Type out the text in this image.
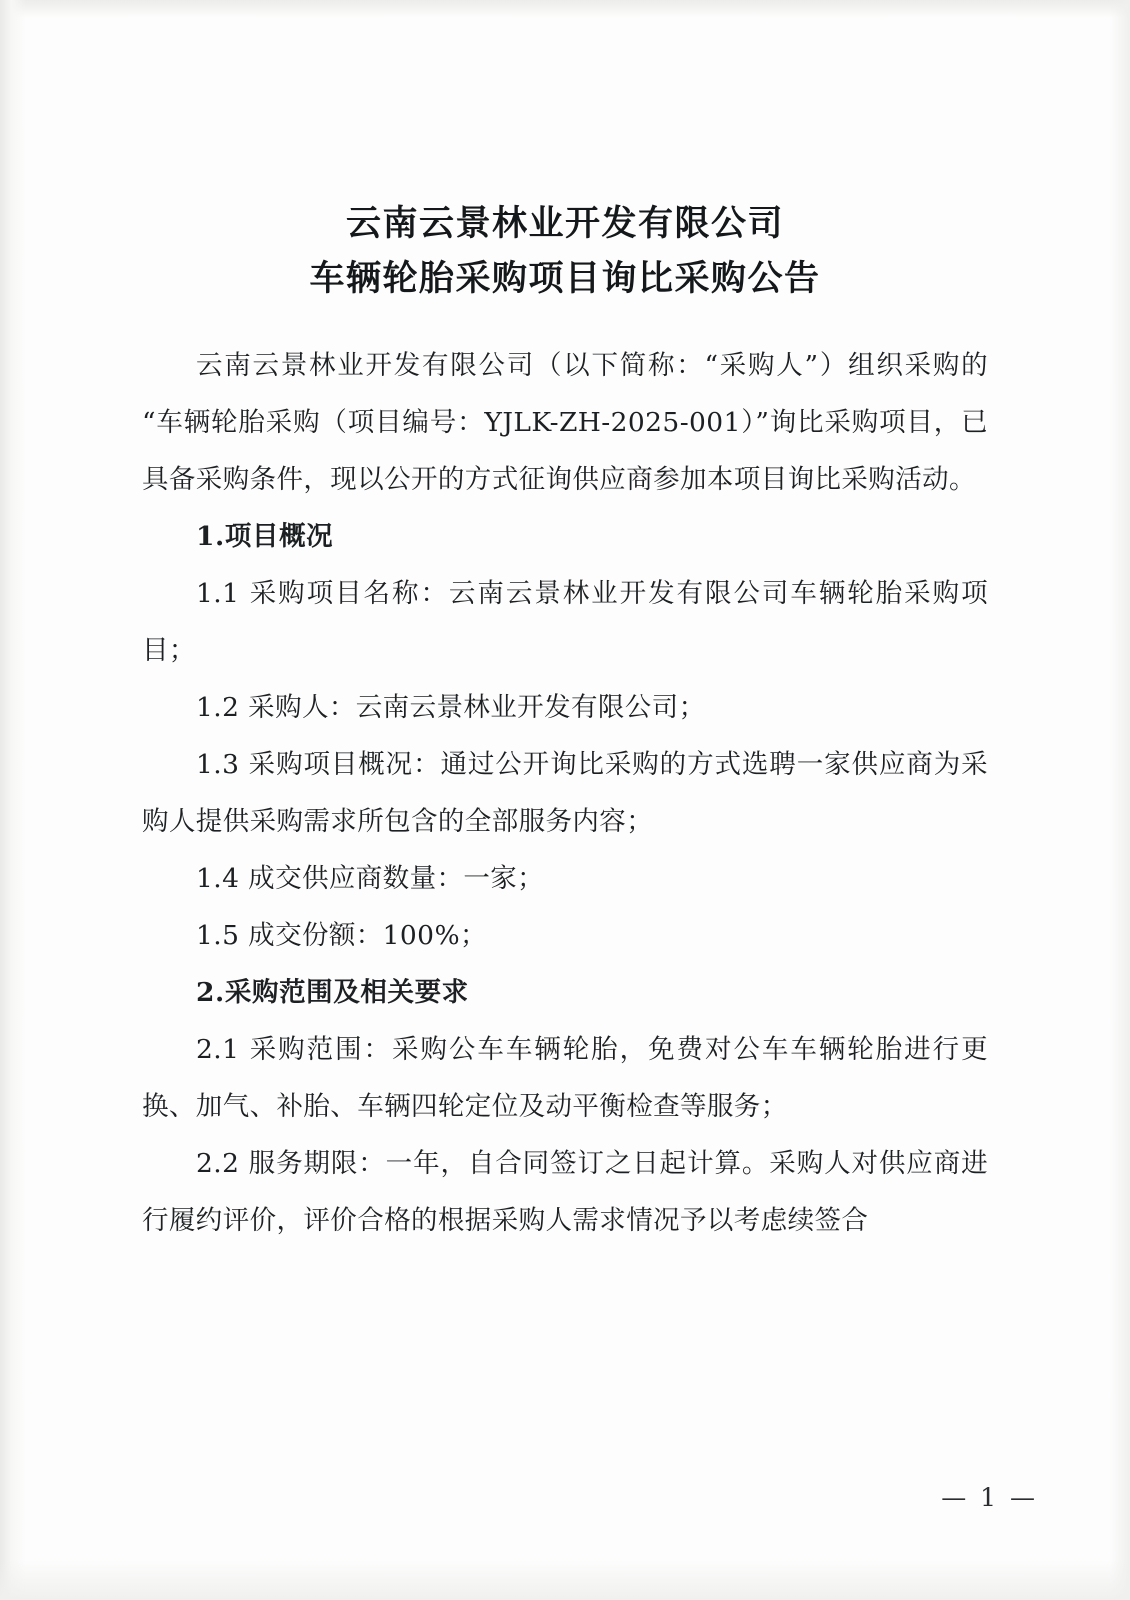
云南云景林业开发有限公司
车辆轮胎采购项目询比采购公告

云南云景林业开发有限公司（以下简称：“采购人”）组织采购的“车辆轮胎采购（项目编号：YJLK-ZH-2025-001）”询比采购项目，已具备采购条件，现以公开的方式征询供应商参加本项目询比采购活动。

1.项目概况

1.1 采购项目名称：云南云景林业开发有限公司车辆轮胎采购项目；

1.2 采购人：云南云景林业开发有限公司；

1.3 采购项目概况：通过公开询比采购的方式选聘一家供应商为采购人提供采购需求所包含的全部服务内容；

1.4 成交供应商数量：一家；

1.5 成交份额：100%；

2.采购范围及相关要求

2.1 采购范围：采购公车车辆轮胎，免费对公车车辆轮胎进行更换、加气、补胎、车辆四轮定位及动平衡检查等服务；

2.2 服务期限：一年，自合同签订之日起计算。采购人对供应商进行履约评价，评价合格的根据采购人需求情况予以考虑续签合

— 1 —
